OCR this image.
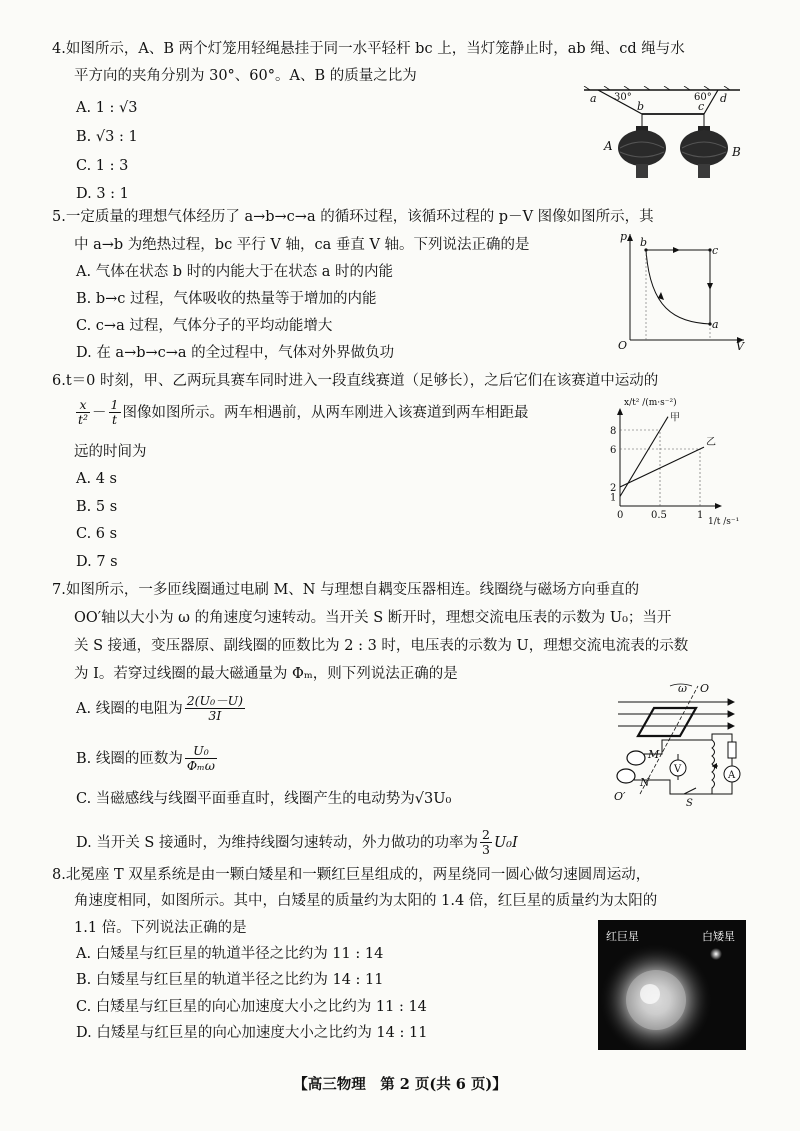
4.如图所示，A、B 两个灯笼用轻绳悬挂于同一水平轻杆 bc 上，当灯笼静止时，ab 绳、cd 绳与水
平方向的夹角分别为 30°、60°。A、B 的质量之比为
A. 1 : √3
B. √3 : 1
C. 1 : 3
D. 3 : 1
a 30°
b	c
60° d
A	B
5.一定质量的理想气体经历了 a→b→c→a 的循环过程，该循环过程的 p－V 图像如图所示，其
中 a→b 为绝热过程，bc 平行 V 轴，ca 垂直 V 轴。下列说法正确的是
A. 气体在状态 b 时的内能大于在状态 a 时的内能
B. b→c 过程，气体吸收的热量等于增加的内能
C. c→a 过程，气体分子的平均动能增大
D. 在 a→b→c→a 的全过程中，气体对外界做负功
p
V
O
b
c
a
6.t＝0 时刻，甲、乙两玩具赛车同时进入一段直线赛道（足够长），之后它们在该赛道中运动的
$\frac{x}{\text{t²}} - \frac{1}{t}$ 图像如图所示。两车相遇前，从两车刚进入该赛道到两车相距最
远的时间为
A. 4 s
B. 5 s
C. 6 s
D. 7 s
x/t² /(m·s⁻²)
1/t /s⁻¹
0	0.5	1
1
2
6
8
甲
乙
7.如图所示，一多匝线圈通过电刷 M、N 与理想自耦变压器相连。线圈绕与磁场方向垂直的
OO′轴以大小为 ω 的角速度匀速转动。当开关 S 断开时，理想交流电压表的示数为 U₀；当开
关 S 接通，变压器原、副线圈的匝数比为 2 : 3 时，电压表的示数为 U，理想交流电流表的示数
为 I。若穿过线圈的最大磁通量为 Φₘ，则下列说法正确的是
A. 线圈的电阻为 $\frac{\text{2(U₀－U)}}{3I}$
B. 线圈的匝数为 $\frac{\text{U₀}}{\text{Φₘω}}$
C. 当磁感线与线圈平面垂直时，线圈产生的电动势为√3U₀
D. 当开关 S 接通时，为维持线圈匀速转动，外力做功的功率为 $\frac{2}{3} U_0I$
O
ω
M
N
O′
V
S
A
8.北冕座 T 双星系统是由一颗白矮星和一颗红巨星组成的，两星绕同一圆心做匀速圆周运动，
角速度相同，如图所示。其中，白矮星的质量约为太阳的 1.4 倍，红巨星的质量约为太阳的
1.1 倍。下列说法正确的是
A. 白矮星与红巨星的轨道半径之比约为 11 : 14
B. 白矮星与红巨星的轨道半径之比约为 14 : 11
C. 白矮星与红巨星的向心加速度大小之比约为 11 : 14
D. 白矮星与红巨星的向心加速度大小之比约为 14 : 11
红巨星	白矮星
【高三物理　第 2 页(共 6 页)】
